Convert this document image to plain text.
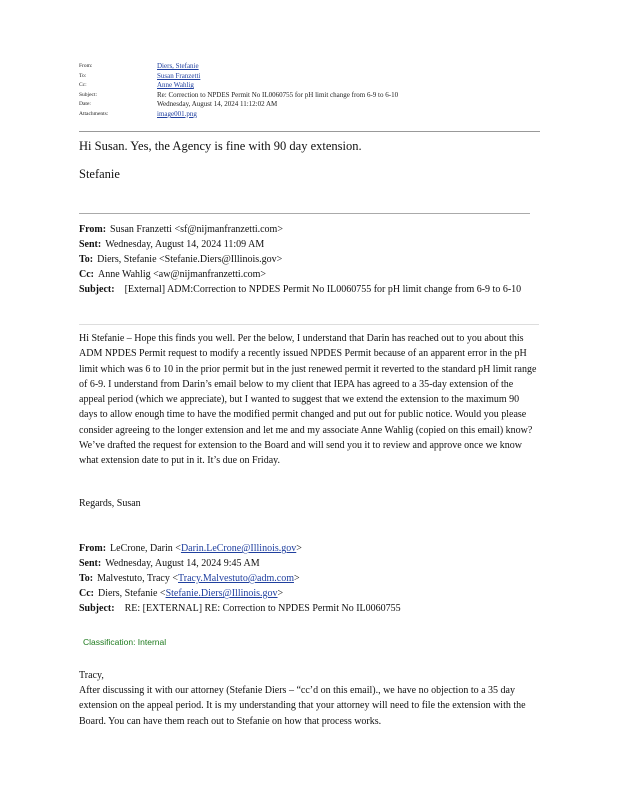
From:	Diers, Stefanie
To:	Susan Franzetti
Cc:	Anne Wahlig
Subject:	Re: Correction to NPDES Permit No IL0060755 for pH limit change from 6-9 to 6-10
Date:	Wednesday, August 14, 2024 11:12:02 AM
Attachments:	image001.png
Hi Susan. Yes, the Agency is fine with 90 day extension.
Stefanie
From: Susan Franzetti <sf@nijmanfranzetti.com>
Sent: Wednesday, August 14, 2024 11:09 AM
To: Diers, Stefanie <Stefanie.Diers@Illinois.gov>
Cc: Anne Wahlig <aw@nijmanfranzetti.com>
Subject: [External] ADM:Correction to NPDES Permit No IL0060755 for pH limit change from 6-9 to 6-10

Hi Stefanie – Hope this finds you well. Per the below, I understand that Darin has reached out to you about this ADM NPDES Permit request to modify a recently issued NPDES Permit because of an apparent error in the pH limit which was 6 to 10 in the prior permit but in the just renewed permit it reverted to the standard pH limit range of 6-9. I understand from Darin’s email below to my client that IEPA has agreed to a 35-day extension of the appeal period (which we appreciate), but I wanted to suggest that we extend the extension to the maximum 90 days to allow enough time to have the modified permit changed and put out for public notice. Would you please consider agreeing to the longer extension and let me and my associate Anne Wahlig (copied on this email) know? We’ve drafted the request for extension to the Board and will send you it to review and approve once we know what extension date to put in it. It’s due on Friday.

Regards, Susan
From: LeCrone, Darin <Darin.LeCrone@Illinois.gov>
Sent: Wednesday, August 14, 2024 9:45 AM
To: Malvestuto, Tracy <Tracy.Malvestuto@adm.com>
Cc: Diers, Stefanie <Stefanie.Diers@Illinois.gov>
Subject: RE: [EXTERNAL] RE: Correction to NPDES Permit No IL0060755
Classification: Internal
Tracy,

After discussing it with our attorney (Stefanie Diers – “cc’d on this email)., we have no objection to a 35 day extension on the appeal period. It is my understanding that your attorney will need to file the extension with the Board. You can have them reach out to Stefanie on how that process works.
